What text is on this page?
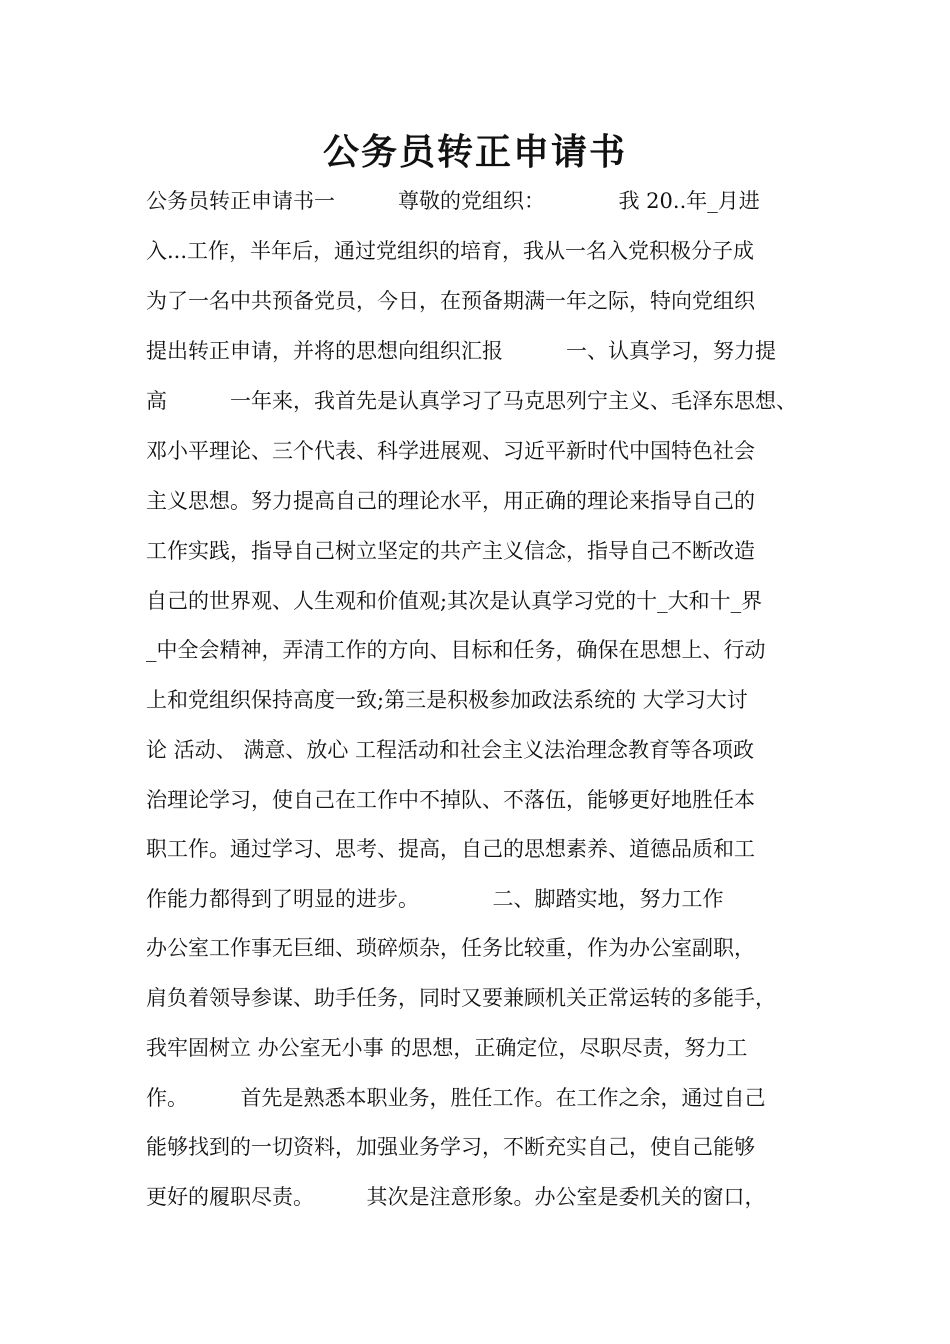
公务员转正申请书
公务员转正申请书一　　　尊敬的党组织：　　　　我 20..年_月进
入...工作，半年后，通过党组织的培育，我从一名入党积极分子成
为了一名中共预备党员，今日，在预备期满一年之际，特向党组织
提出转正申请，并将的思想向组织汇报　　　一、认真学习，努力提
高　　　一年来，我首先是认真学习了马克思列宁主义、毛泽东思想、
邓小平理论、三个代表、科学进展观、习近平新时代中国特色社会
主义思想。努力提高自己的理论水平，用正确的理论来指导自己的
工作实践，指导自己树立坚定的共产主义信念，指导自己不断改造
自己的世界观、人生观和价值观;其次是认真学习党的十_大和十_界
_中全会精神，弄清工作的方向、目标和任务，确保在思想上、行动
上和党组织保持高度一致;第三是积极参加政法系统的 大学习大讨
论 活动、 满意、放心 工程活动和社会主义法治理念教育等各项政
治理论学习，使自己在工作中不掉队、不落伍，能够更好地胜任本
职工作。通过学习、思考、提高，自己的思想素养、道德品质和工
作能力都得到了明显的进步。　　　　二、脚踏实地，努力工作
办公室工作事无巨细、琐碎烦杂，任务比较重，作为办公室副职，
肩负着领导参谋、助手任务，同时又要兼顾机关正常运转的多能手，
我牢固树立 办公室无小事 的思想，正确定位，尽职尽责，努力工
作。　　　首先是熟悉本职业务，胜任工作。在工作之余，通过自己
能够找到的一切资料，加强业务学习，不断充实自己，使自己能够
更好的履职尽责。　　　其次是注意形象。办公室是委机关的窗口，
